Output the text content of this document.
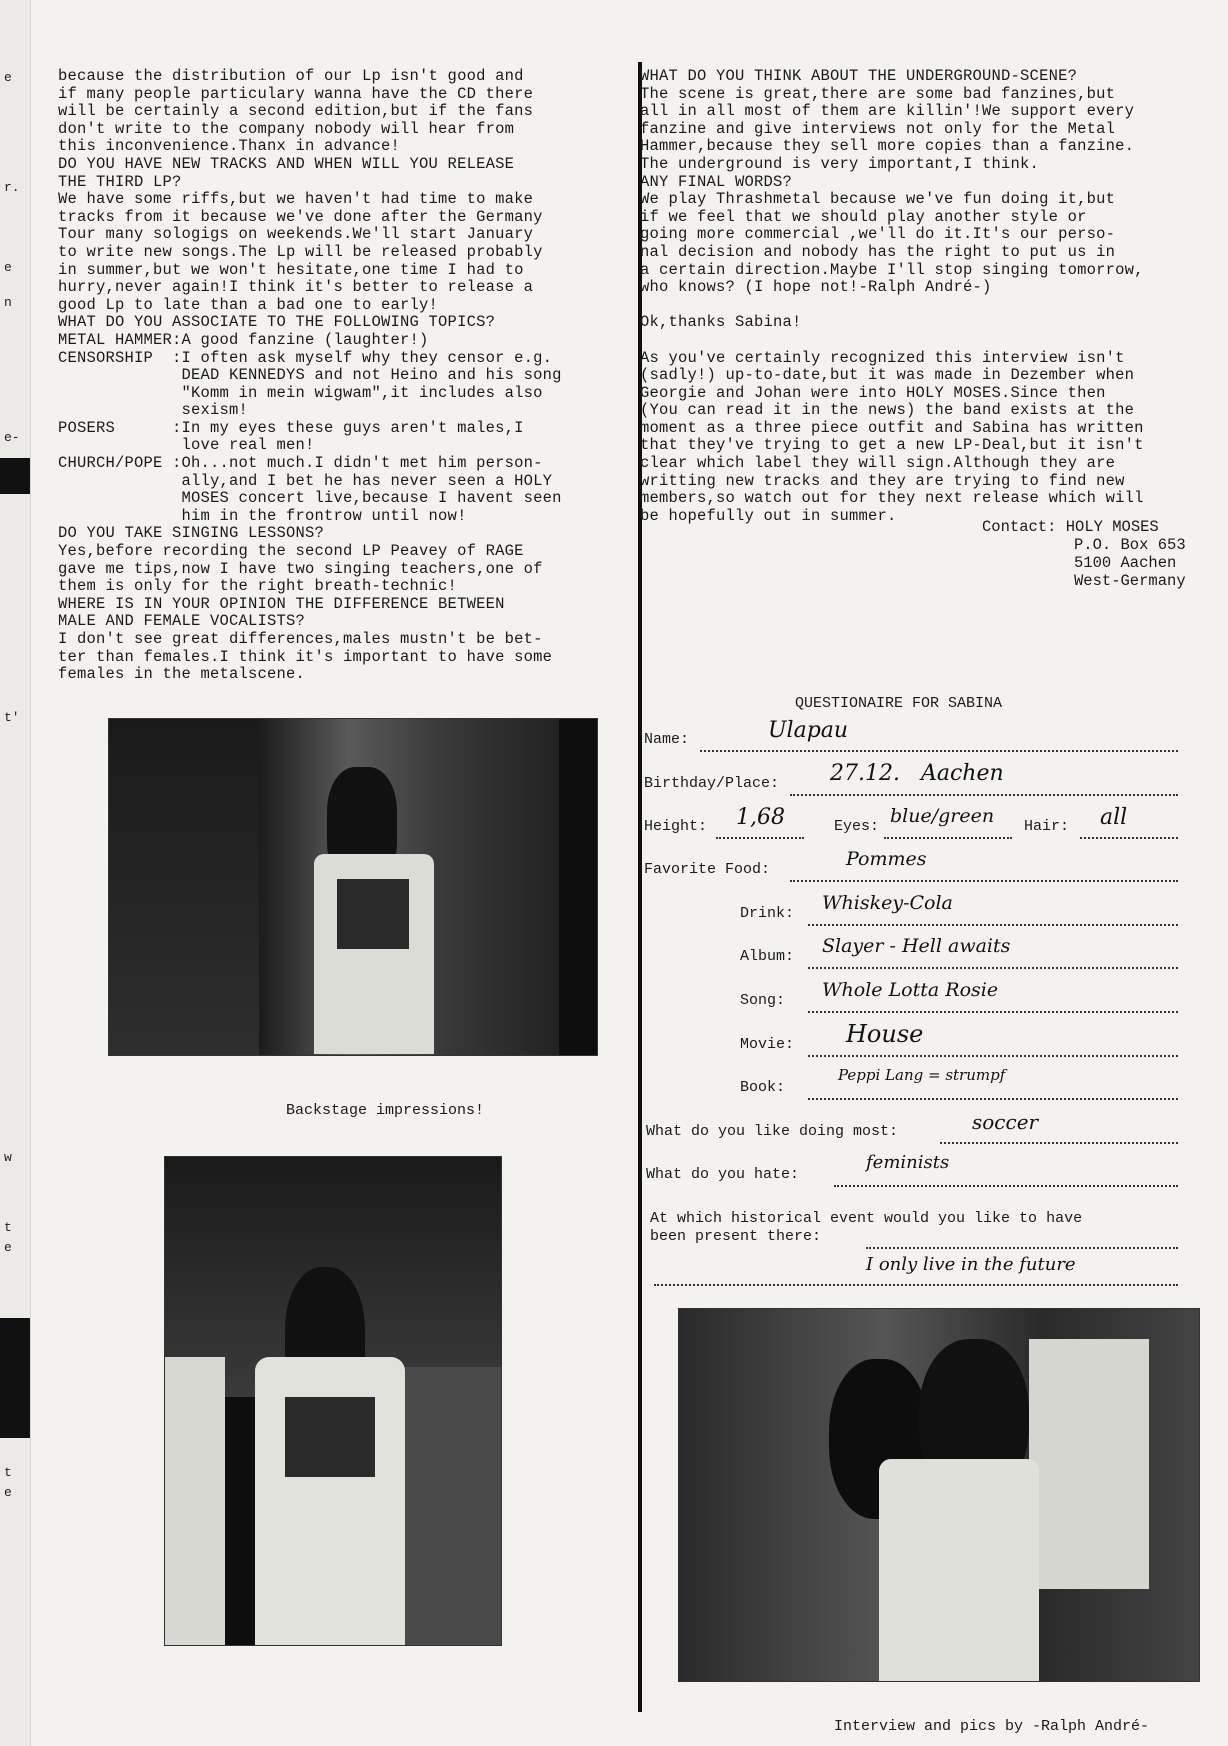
e
r.
e
n
e-
t'
w
t
e
t
e
because the distribution of our Lp isn't good and
if many people particulary wanna have the CD there
will be certainly a second edition,but if the fans
don't write to the company nobody will hear from
this inconvenience.Thanx in advance!
DO YOU HAVE NEW TRACKS AND WHEN WILL YOU RELEASE
THE THIRD LP?
We have some riffs,but we haven't had time to make
tracks from it because we've done after the Germany
Tour many sologigs on weekends.We'll start January
to write new songs.The Lp will be released probably
in summer,but we won't hesitate,one time I had to
hurry,never again!I think it's better to release a
good Lp to late than a bad one to early!
WHAT DO YOU ASSOCIATE TO THE FOLLOWING TOPICS?
METAL HAMMER:A good fanzine (laughter!)
CENSORSHIP  :I often ask myself why they censor e.g.
DEAD KENNEDYS and not Heino and his song
"Komm in mein wigwam",it includes also
sexism!
POSERS      :In my eyes these guys aren't males,I
love real men!
CHURCH/POPE :Oh...not much.I didn't met him person-
ally,and I bet he has never seen a HOLY
MOSES concert live,because I havent seen
him in the frontrow until now!
DO YOU TAKE SINGING LESSONS?
Yes,before recording the second LP Peavey of RAGE
gave me tips,now I have two singing teachers,one of
them is only for the right breath-technic!
WHERE IS IN YOUR OPINION THE DIFFERENCE BETWEEN
MALE AND FEMALE VOCALISTS?
I don't see great differences,males mustn't be bet-
ter than females.I think it's important to have some
females in the metalscene.
WHAT DO YOU THINK ABOUT THE UNDERGROUND-SCENE?
The scene is great,there are some bad fanzines,but
all in all most of them are killin'!We support every
fanzine and give interviews not only for the Metal
Hammer,because they sell more copies than a fanzine.
The underground is very important,I think.
ANY FINAL WORDS?
We play Thrashmetal because we've fun doing it,but
if we feel that we should play another style or
going more commercial ,we'll do it.It's our perso-
nal decision and nobody has the right to put us in
a certain direction.Maybe I'll stop singing tomorrow,
who knows? (I hope not!-Ralph André-)

Ok,thanks Sabina!

As you've certainly recognized this interview isn't
(sadly!) up-to-date,but it was made in Dezember when
Georgie and Johan were into HOLY MOSES.Since then
(You can read it in the news) the band exists at the
moment as a three piece outfit and Sabina has written
that they've trying to get a new LP-Deal,but it isn't
clear which label they will sign.Although they are
writting new tracks and they are trying to find new
members,so watch out for they next release which will
be hopefully out in summer.
Contact: HOLY MOSES
P.O. Box 653
5100 Aachen
West-Germany
Backstage impressions!
QUESTIONAIRE FOR SABINA
Name:	Ulapau
Birthday/Place: 27.12.   Aachen
Height: 1,68	Eyes: blue/green Hair: all
Favorite Food:	Pommes
Drink: Whiskey-Cola
Album: Slayer - Hell awaits
Song: Whole Lotta Rosie
Movie: House
Book:
Peppi Lang = strumpf
What do you like doing most:	soccer
What do you hate:
feminists
At which historical event would you like to have
been present there:
I only live in the future
Interview and pics by -Ralph André-
